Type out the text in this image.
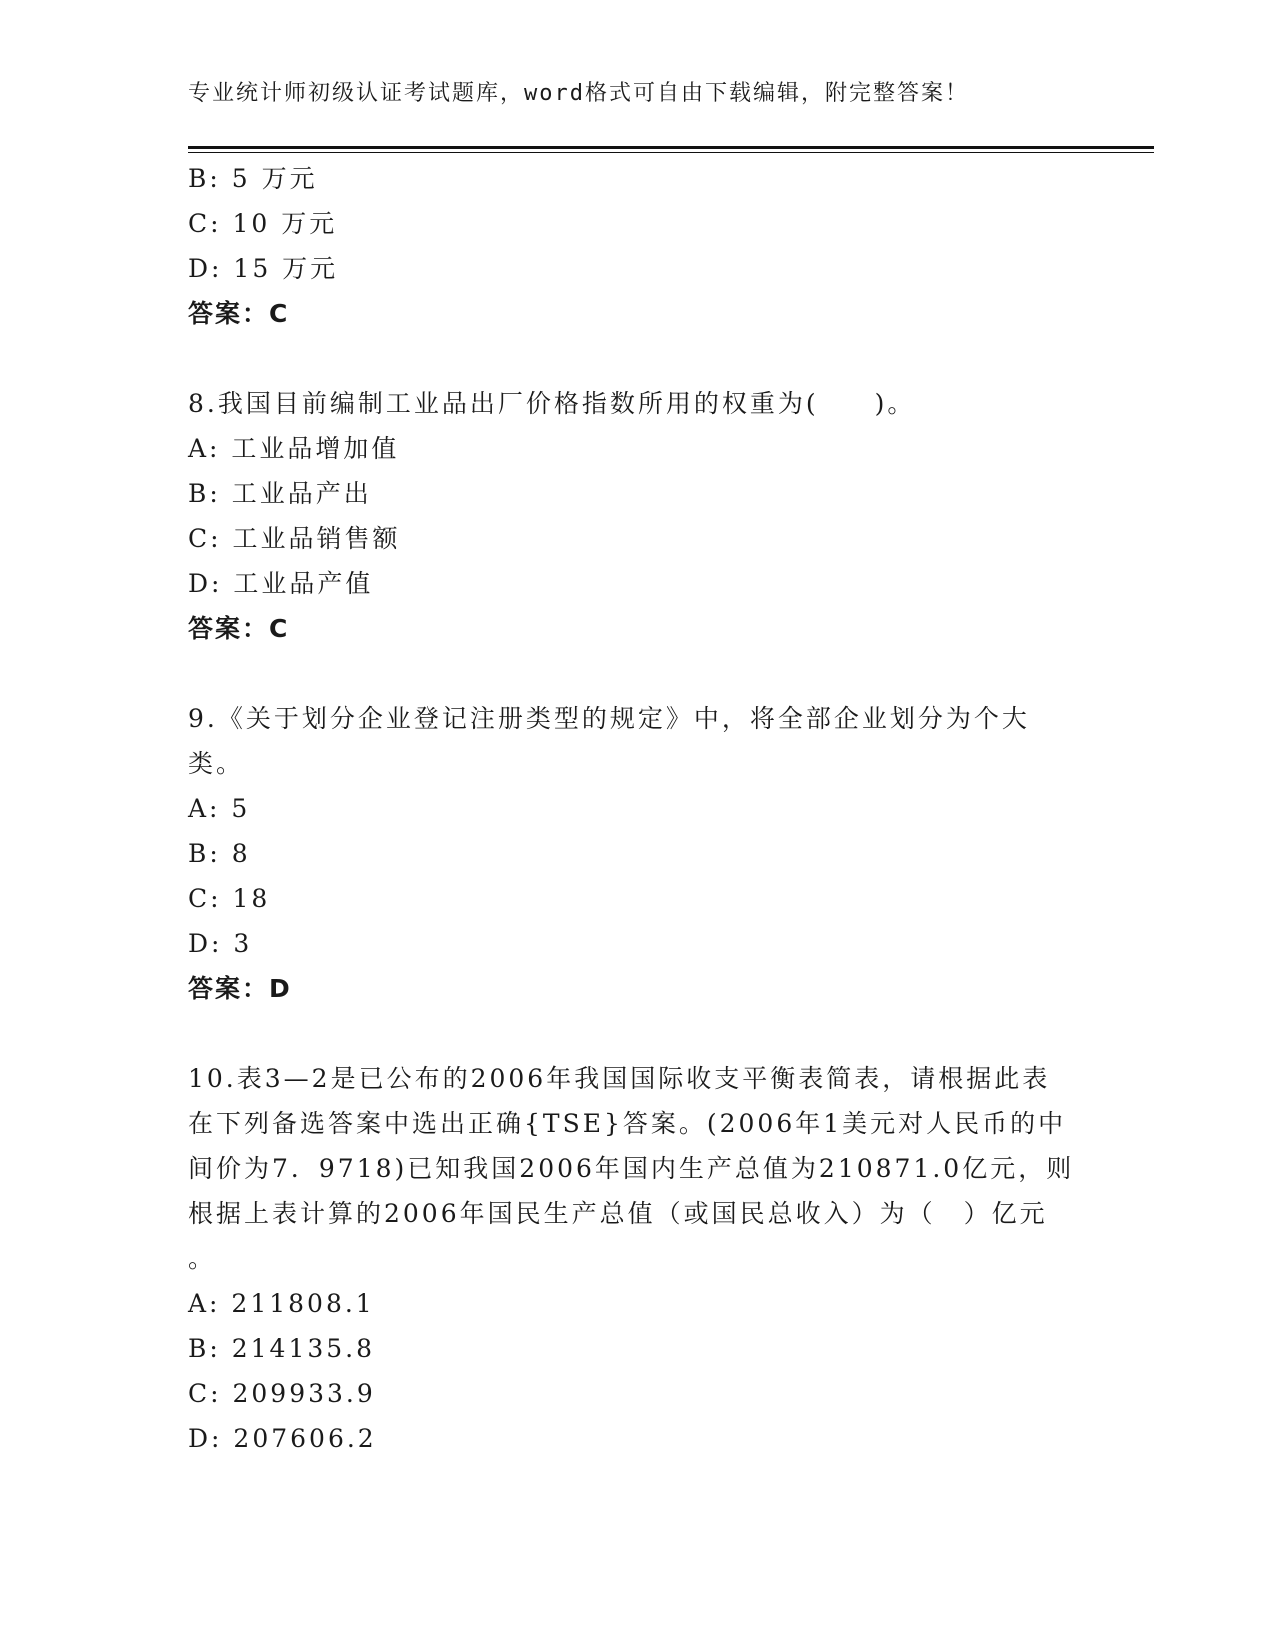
专业统计师初级认证考试题库，word格式可自由下载编辑，附完整答案！
B: 5 万元
C: 10 万元
D: 15 万元
答案：C
8.我国目前编制工业品出厂价格指数所用的权重为(　　)。
A: 工业品增加值
B: 工业品产出
C: 工业品销售额
D: 工业品产值
答案：C
9.《关于划分企业登记注册类型的规定》中，将全部企业划分为个大
类。
A: 5
B: 8
C: 18
D: 3
答案：D
10.表3—2是已公布的2006年我国国际收支平衡表简表，请根据此表
在下列备选答案中选出正确{TSE}答案。(2006年1美元对人民币的中
间价为7．9718)已知我国2006年国内生产总值为210871.0亿元，则
根据上表计算的2006年国民生产总值（或国民总收入）为（　）亿元
。
A: 211808.1
B: 214135.8
C: 209933.9
D: 207606.2
